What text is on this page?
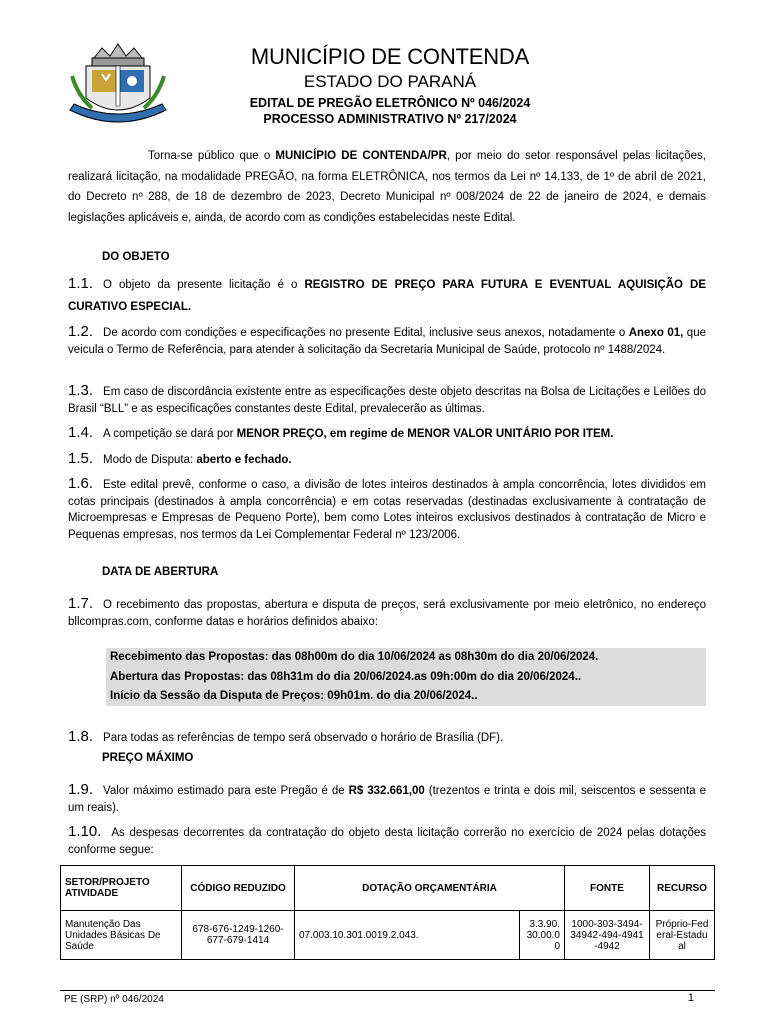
MUNICÍPIO DE CONTENDA
ESTADO DO PARANÁ
EDITAL DE PREGÃO ELETRÔNICO Nº 046/2024
PROCESSO ADMINISTRATIVO Nº 217/2024
Torna-se público que o MUNICÍPIO DE CONTENDA/PR, por meio do setor responsável pelas licitações, realizará licitação, na modalidade PREGÃO, na forma ELETRÔNICA, nos termos da Lei nº 14.133, de 1º de abril de 2021, do Decreto nº 288, de 18 de dezembro de 2023, Decreto Municipal nº 008/2024 de 22 de janeiro de 2024, e demais legislações aplicáveis e, ainda, de acordo com as condições estabelecidas neste Edital.
DO OBJETO
1.1. O objeto da presente licitação é o REGISTRO DE PREÇO PARA FUTURA E EVENTUAL AQUISIÇÃO DE CURATIVO ESPECIAL.
1.2. De acordo com condições e especificações no presente Edital, inclusive seus anexos, notadamente o Anexo 01, que veicula o Termo de Referência, para atender à solicitação da Secretaria Municipal de Saúde, protocolo nº 1488/2024.
1.3. Em caso de discordância existente entre as especificações deste objeto descritas na Bolsa de Licitações e Leilões do Brasil “BLL” e as especificações constantes deste Edital, prevalecerão as últimas.
1.4. A competição se dará por MENOR PREÇO, em regime de MENOR VALOR UNITÁRIO POR ITEM.
1.5. Modo de Disputa: aberto e fechado.
1.6. Este edital prevê, conforme o caso, a divisão de lotes inteiros destinados à ampla concorrência, lotes divididos em cotas principais (destinados à ampla concorrência) e em cotas reservadas (destinadas exclusivamente à contratação de Microempresas e Empresas de Pequeno Porte), bem como Lotes inteiros exclusivos destinados à contratação de Micro e Pequenas empresas, nos termos da Lei Complementar Federal nº 123/2006.
DATA DE ABERTURA
1.7. O recebimento das propostas, abertura e disputa de preços, será exclusivamente por meio eletrônico, no endereço bllcompras.com, conforme datas e horários definidos abaixo:
Recebimento das Propostas: das 08h00m do dia 10/06/2024 as 08h30m do dia 20/06/2024.
Abertura das Propostas: das 08h31m do dia 20/06/2024.as 09h:00m do dia 20/06/2024..
Início da Sessão da Disputa de Preços: 09h01m. do dia 20/06/2024..
1.8. Para todas as referências de tempo será observado o horário de Brasília (DF).
PREÇO MÁXIMO
1.9. Valor máximo estimado para este Pregão é de R$ 332.661,00 (trezentos e trinta e dois mil, seiscentos e sessenta e um reais).
1.10. As despesas decorrentes da contratação do objeto desta licitação correrão no exercício de 2024 pelas dotações conforme segue:
SETOR/PROJETO ATIVIDADE	CÓDIGO REDUZIDO	DOTAÇÃO ORÇAMENTÁRIA		FONTE	RECURSO
Manutenção Das Unidades Básicas De Saúde	678-676-1249-1260-677-679-1414	07.003.10.301.0019.2.043.	3.3.90.30.00.00	1000-303-3494-34942-494-4941-4942	Próprio-Federal-Estadual
PE (SRP) nº 046/2024	1
